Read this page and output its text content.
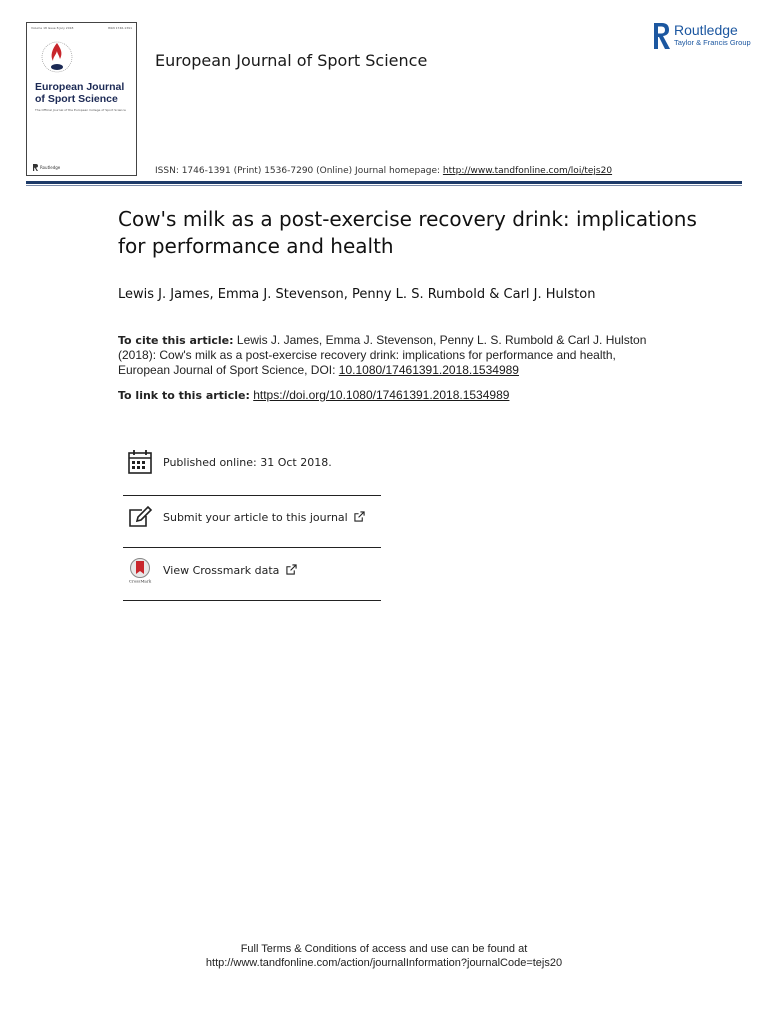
Volume 18 Issue 8 July 2018	ISSN 1746-1391
European Journal of Sport Science
The Official Journal of the European College of Sport Science
Routledge
European Journal of Sport Science
Routledge
Taylor & Francis Group
ISSN: 1746-1391 (Print) 1536-7290 (Online) Journal homepage: http://www.tandfonline.com/loi/tejs20
Cow's milk as a post-exercise recovery drink: implications for performance and health
Lewis J. James, Emma J. Stevenson, Penny L. S. Rumbold & Carl J. Hulston
To cite this article: Lewis J. James, Emma J. Stevenson, Penny L. S. Rumbold & Carl J. Hulston (2018): Cow's milk as a post-exercise recovery drink: implications for performance and health, European Journal of Sport Science, DOI: 10.1080/17461391.2018.1534989
To link to this article: https://doi.org/10.1080/17461391.2018.1534989
Published online: 31 Oct 2018.
Submit your article to this journal
CrossMark
View Crossmark data
Full Terms & Conditions of access and use can be found at
http://www.tandfonline.com/action/journalInformation?journalCode=tejs20
